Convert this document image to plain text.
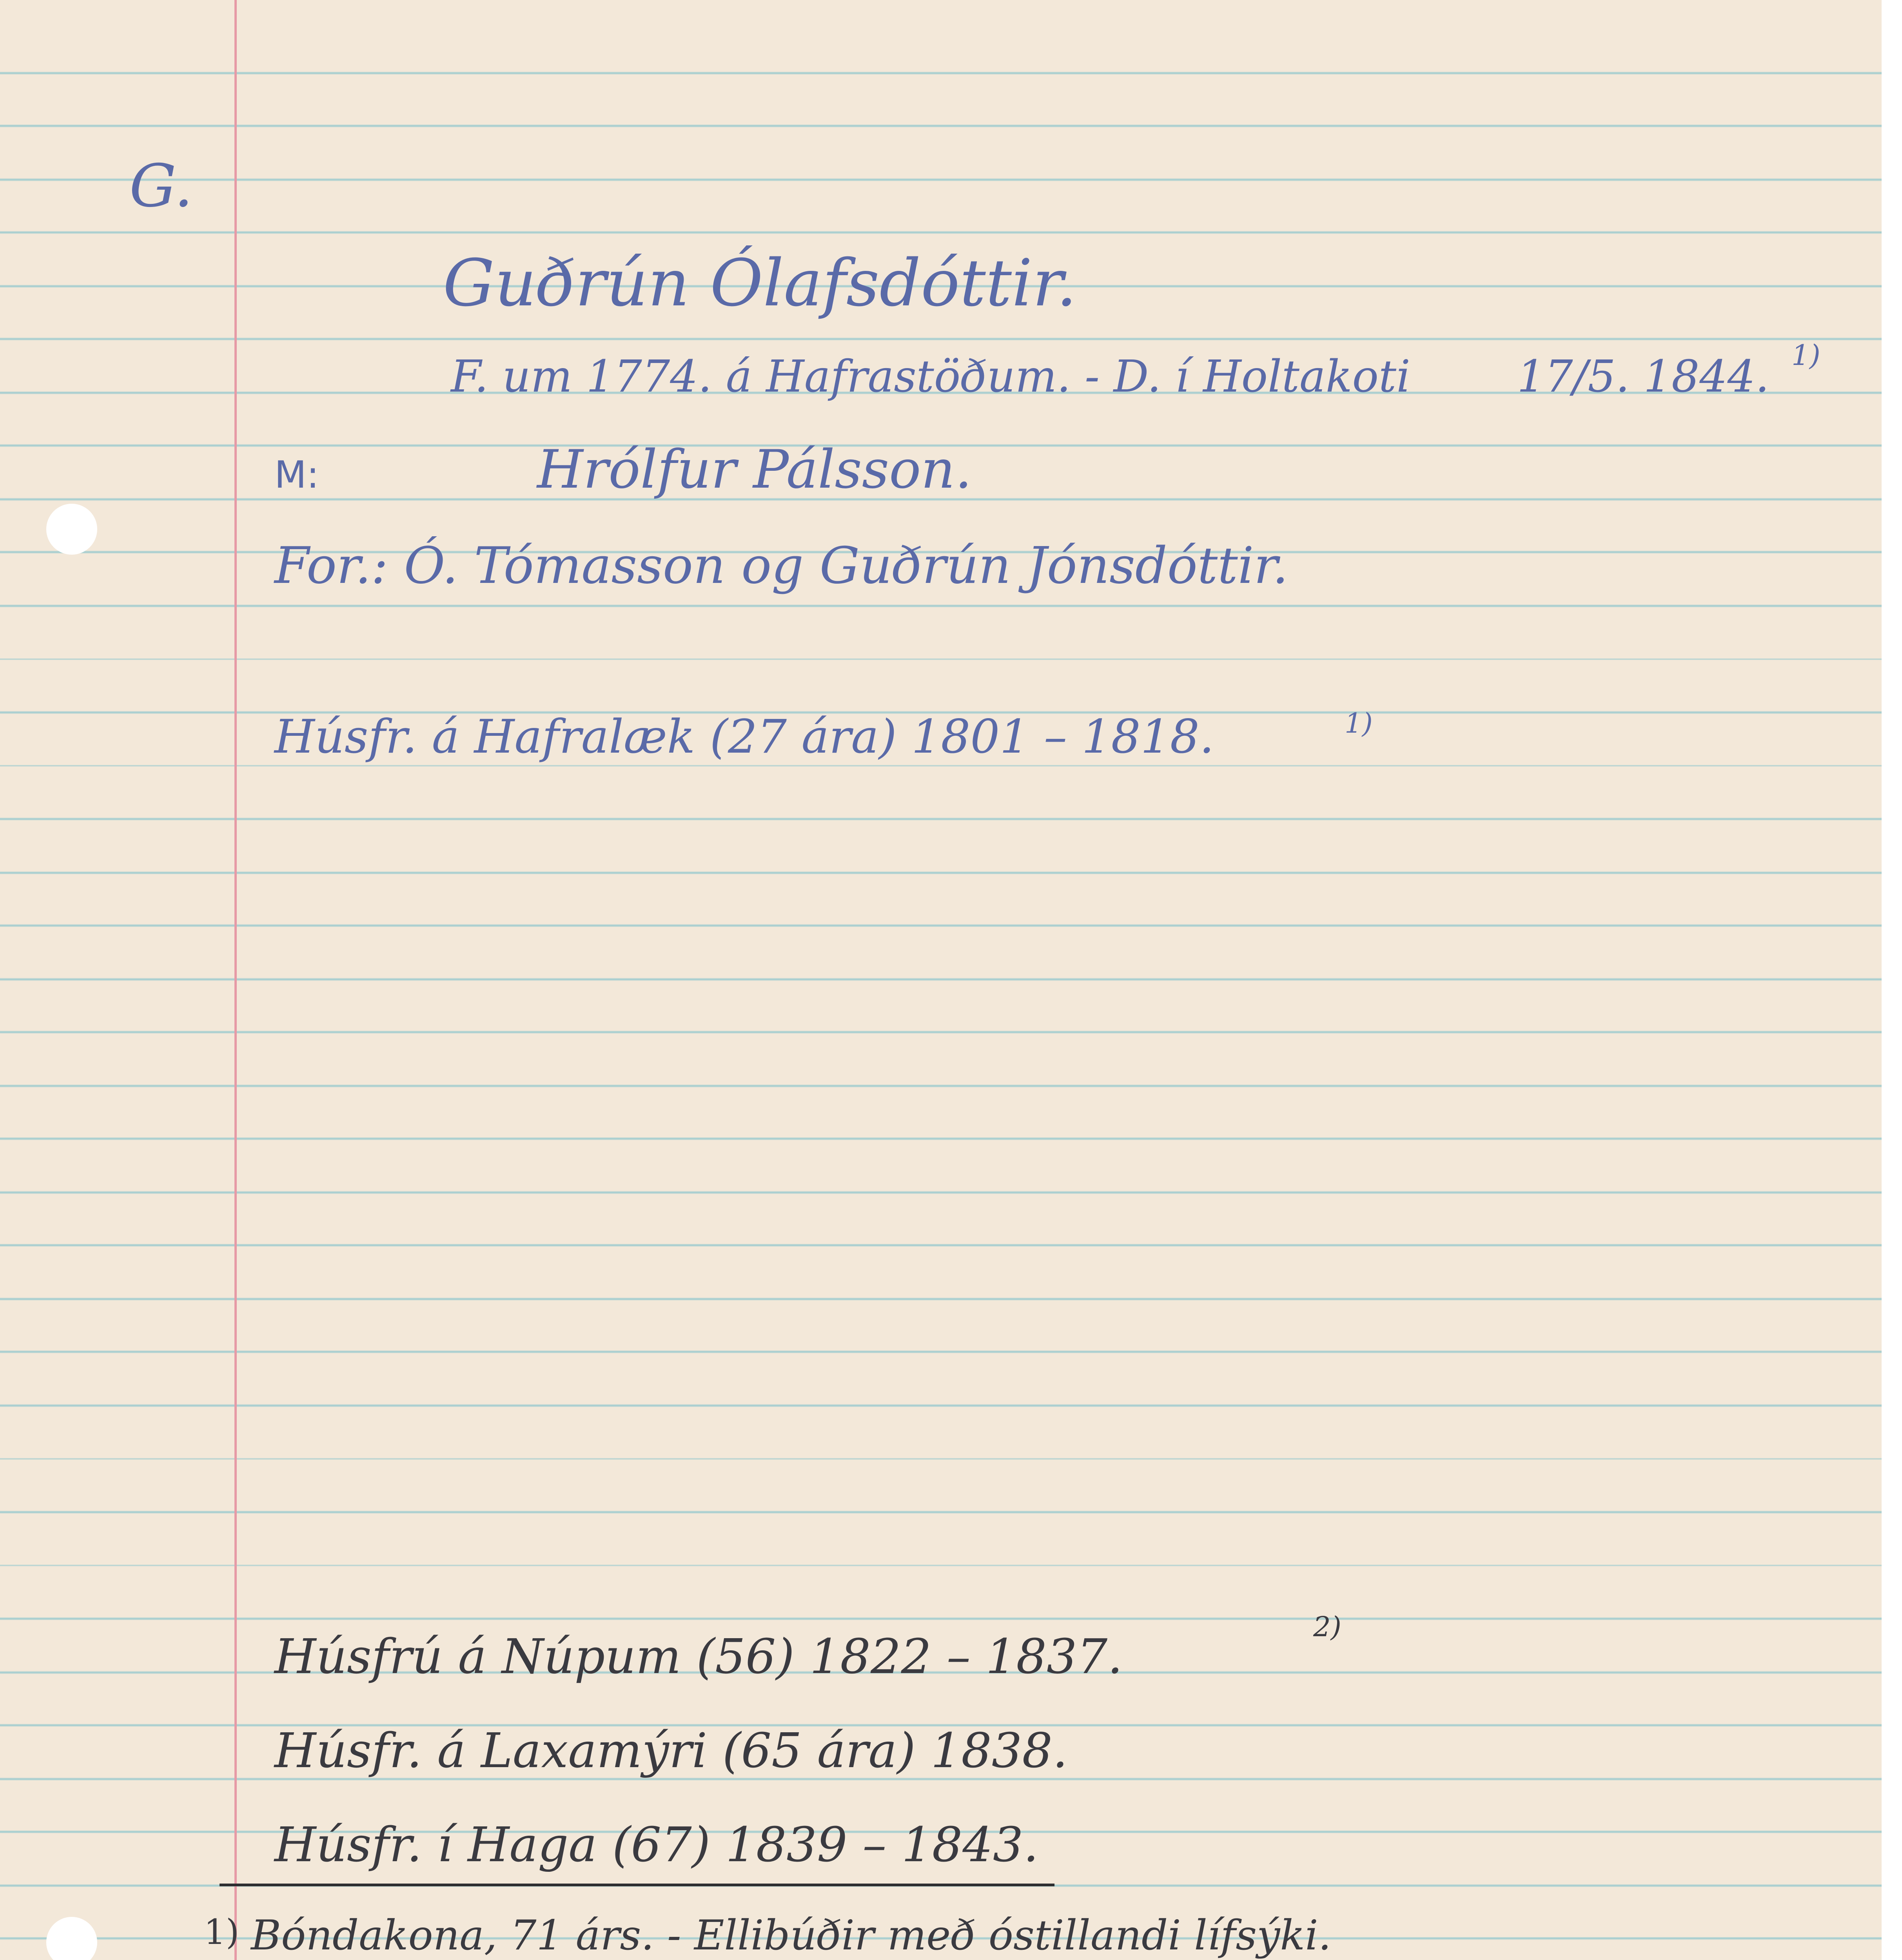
G.
Guðrún Ólafsdóttir.
F. um 1774. á Hafrastöðum. - D. í Holtakoti 17/5. 1844. 1)
M:	Hrólfur Pálsson.
For.: Ó. Tómasson og Guðrún Jónsdóttir.
Húsfr. á Hafralæk (27 ára) 1801 – 1818.	1)
Húsfrú á Núpum (56) 1822 – 1837.
2)
Húsfr. á Laxamýri (65 ára) 1838.
Húsfr. í Haga (67) 1839 – 1843.
1) Bóndakona, 71 árs. - Ellibúðir með óstillandi lífsýki.
